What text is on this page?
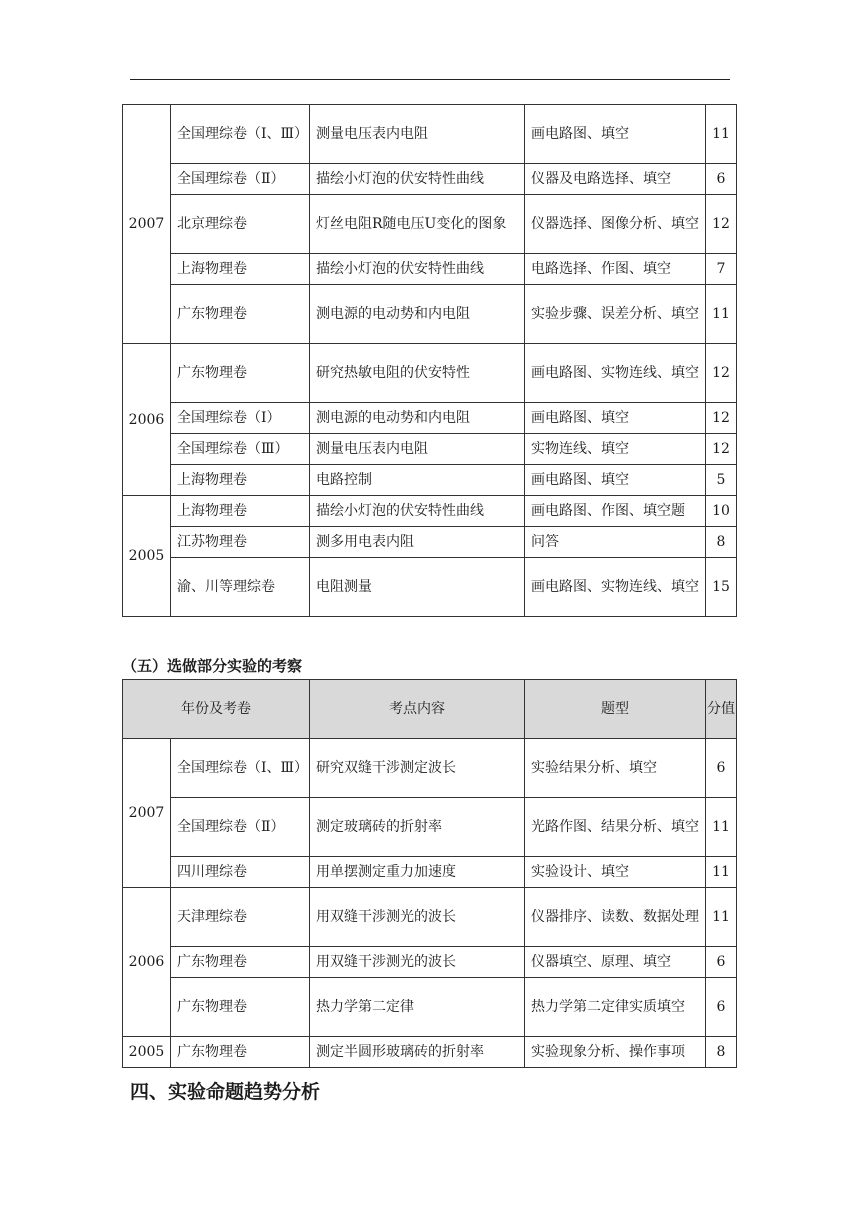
2007	全国理综卷（Ⅰ、Ⅲ）	测量电压表内电阻	画电路图、填空	11
	全国理综卷（Ⅱ）	描绘小灯泡的伏安特性曲线	仪器及电路选择、填空	6
	北京理综卷	灯丝电阻R随电压U变化的图象	仪器选择、图像分析、填空	12
	上海物理卷	描绘小灯泡的伏安特性曲线	电路选择、作图、填空	7
	广东物理卷	测电源的电动势和内电阻	实验步骤、误差分析、填空	11
2006	广东物理卷	研究热敏电阻的伏安特性	画电路图、实物连线、填空	12
	全国理综卷（Ⅰ）	测电源的电动势和内电阻	画电路图、填空	12
	全国理综卷（Ⅲ）	测量电压表内电阻	实物连线、填空	12
	上海物理卷	电路控制	画电路图、填空	5
2005	上海物理卷	描绘小灯泡的伏安特性曲线	画电路图、作图、填空题	10
	江苏物理卷	测多用电表内阻	问答	8
	渝、川等理综卷	电阻测量	画电路图、实物连线、填空	15
（五）选做部分实验的考察
年份及考卷		考点内容	题型	分值
2007	全国理综卷（Ⅰ、Ⅲ）	研究双缝干涉测定波长	实验结果分析、填空	6
	全国理综卷（Ⅱ）	测定玻璃砖的折射率	光路作图、结果分析、填空	11
	四川理综卷	用单摆测定重力加速度	实验设计、填空	11
2006	天津理综卷	用双缝干涉测光的波长	仪器排序、读数、数据处理	11
	广东物理卷	用双缝干涉测光的波长	仪器填空、原理、填空	6
	广东物理卷	热力学第二定律	热力学第二定律实质填空	6
2005	广东物理卷	测定半圆形玻璃砖的折射率	实验现象分析、操作事项	8
四、实验命题趋势分析
